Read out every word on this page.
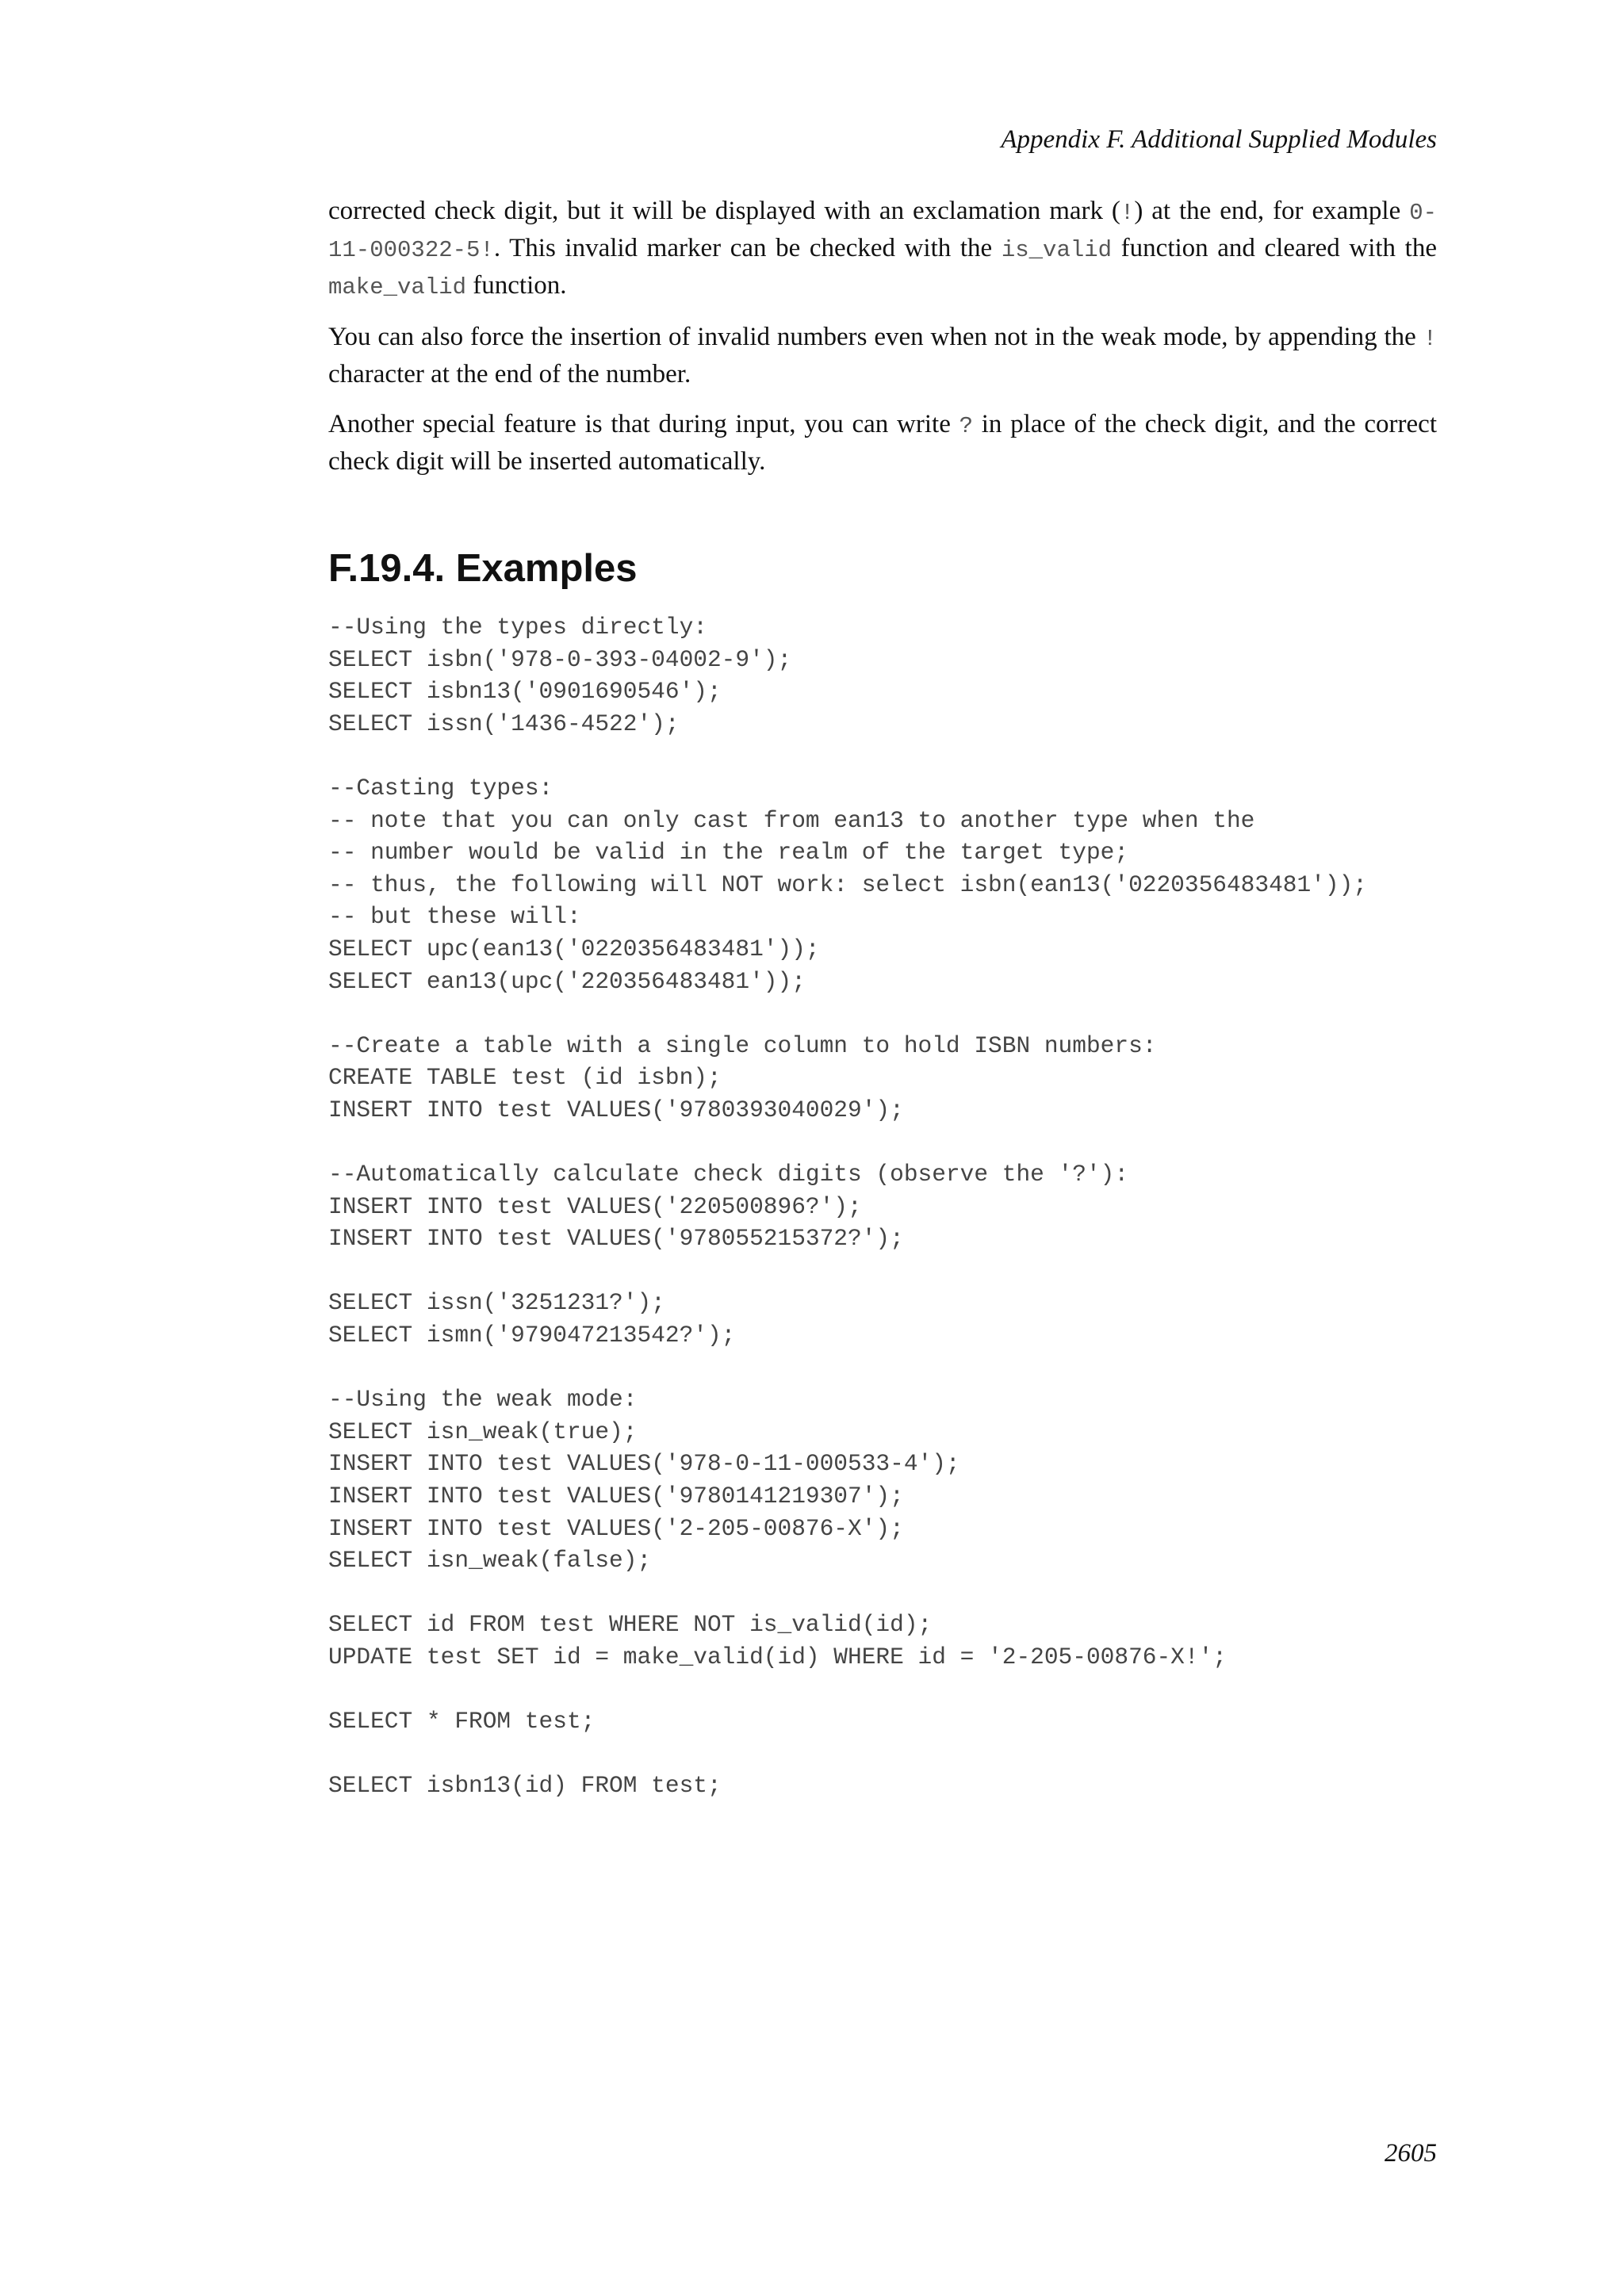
Appendix F. Additional Supplied Modules

corrected check digit, but it will be displayed with an exclamation mark (!) at the end, for example 0-11-000322-5!. This invalid marker can be checked with the is_valid function and cleared with the make_valid function.

You can also force the insertion of invalid numbers even when not in the weak mode, by appending the ! character at the end of the number.

Another special feature is that during input, you can write ? in place of the check digit, and the correct check digit will be inserted automatically.

F.19.4. Examples
--Using the types directly:
SELECT isbn('978-0-393-04002-9');
SELECT isbn13('0901690546');
SELECT issn('1436-4522');
--Casting types:
-- note that you can only cast from ean13 to another type when the
-- number would be valid in the realm of the target type;
-- thus, the following will NOT work: select isbn(ean13('0220356483481'));
-- but these will:
SELECT upc(ean13('0220356483481'));
SELECT ean13(upc('220356483481'));
--Create a table with a single column to hold ISBN numbers:
CREATE TABLE test (id isbn);
INSERT INTO test VALUES('9780393040029');
--Automatically calculate check digits (observe the '?'):
INSERT INTO test VALUES('220500896?');
INSERT INTO test VALUES('978055215372?');
SELECT issn('3251231?');
SELECT ismn('979047213542?');
--Using the weak mode:
SELECT isn_weak(true);
INSERT INTO test VALUES('978-0-11-000533-4');
INSERT INTO test VALUES('9780141219307');
INSERT INTO test VALUES('2-205-00876-X');
SELECT isn_weak(false);
SELECT id FROM test WHERE NOT is_valid(id);
UPDATE test SET id = make_valid(id) WHERE id = '2-205-00876-X!';
SELECT * FROM test;
SELECT isbn13(id) FROM test;
2605
